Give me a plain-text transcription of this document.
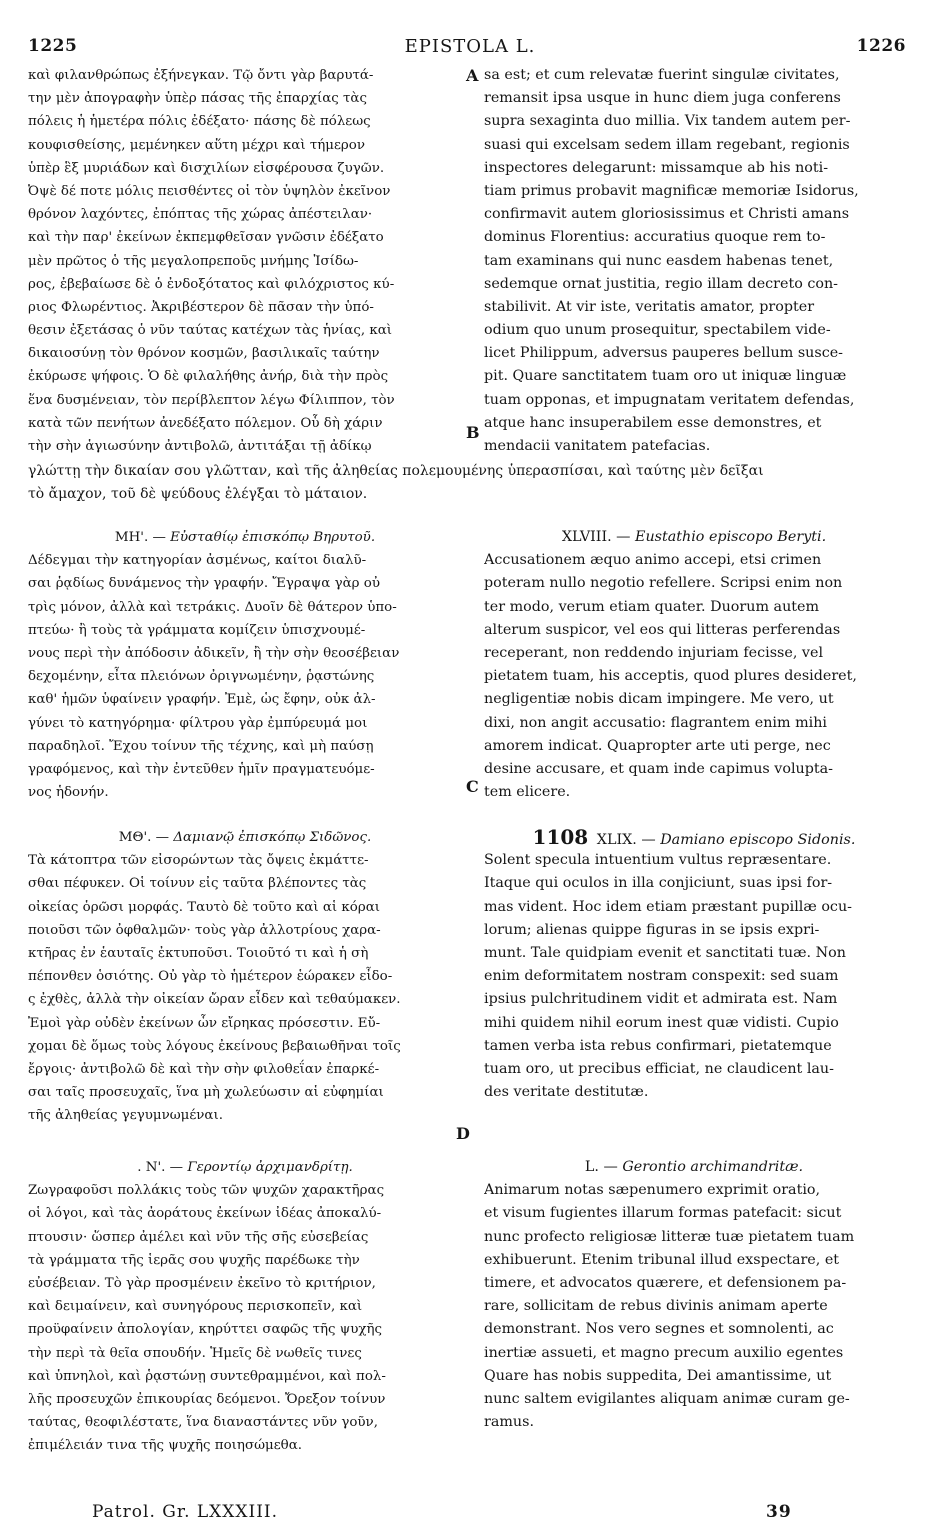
1225	EPISTOLA L.	1226
καὶ φιλανθρώπως ἐξήνεγκαν. Τῷ ὄντι γὰρ βαρυτά-
την μὲν ἀπογραφὴν ὑπὲρ πάσας τῆς ἐπαρχίας τὰς
πόλεις ἡ ἡμετέρα πόλις ἐδέξατο· πάσης δὲ πόλεως
κουφισθείσης, μεμένηκεν αὕτη μέχρι καὶ τήμερον
ὑπὲρ ἓξ μυριάδων καὶ δισχιλίων εἰσφέρουσα ζυγῶν.
Ὀψὲ δέ ποτε μόλις πεισθέντες οἱ τὸν ὑψηλὸν ἐκεῖνον
θρόνον λαχόντες, ἐπόπτας τῆς χώρας ἀπέστειλαν·
καὶ τὴν παρ' ἐκείνων ἐκπεμφθεῖσαν γνῶσιν ἐδέξατο
μὲν πρῶτος ὁ τῆς μεγαλοπρεποῦς μνήμης Ἰσίδω-
ρος, ἐβεβαίωσε δὲ ὁ ἐνδοξότατος καὶ φιλόχριστος κύ-
ριος Φλωρέντιος. Ἀκριβέστερον δὲ πᾶσαν τὴν ὑπό-
θεσιν ἐξετάσας ὁ νῦν ταύτας κατέχων τὰς ἡνίας, καὶ
δικαιοσύνῃ τὸν θρόνον κοσμῶν, βασιλικαῖς ταύτην
ἐκύρωσε ψήφοις. Ὁ δὲ φιλαλήθης ἀνήρ, διὰ τὴν πρὸς
ἕνα δυσμένειαν, τὸν περίβλεπτον λέγω Φίλιππον, τὸν
κατὰ τῶν πενήτων ἀνεδέξατο πόλεμον. Οὗ δὴ χάριν
τὴν σὴν ἁγιωσύνην ἀντιβολῶ, ἀντιτάξαι τῇ ἀδίκῳ
sa est; et cum relevatæ fuerint singulæ civitates,
remansit ipsa usque in hunc diem juga conferens
supra sexaginta duo millia. Vix tandem autem per-
suasi qui excelsam sedem illam regebant, regionis
inspectores delegarunt: missamque ab his noti-
tiam primus probavit magnificæ memoriæ Isidorus,
confirmavit autem gloriosissimus et Christi amans
dominus Florentius: accuratius quoque rem to-
tam examinans qui nunc easdem habenas tenet,
sedemque ornat justitia, regio illam decreto con-
stabilivit. At vir iste, veritatis amator, propter
odium quo unum prosequitur, spectabilem vide-
licet Philippum, adversus pauperes bellum susce-
pit. Quare sanctitatem tuam oro ut iniquæ linguæ
tuam opponas, et impugnatam veritatem defendas,
atque hanc insuperabilem esse demonstres, et
mendacii vanitatem patefacias.
A
B
γλώττῃ τὴν δικαίαν σου γλῶτταν, καὶ τῆς ἀληθείας πολεμουμένης ὑπερασπίσαι, καὶ ταύτης μὲν δεῖξαι
τὸ ἄμαχον, τοῦ δὲ ψεύδους ἐλέγξαι τὸ μάταιον.
ΜΗ'. — Εὐσταθίῳ ἐπισκόπῳ Βηρυτοῦ.
Δέδεγμαι τὴν κατηγορίαν ἀσμένως, καίτοι διαλῦ-
σαι ῥᾳδίως δυνάμενος τὴν γραφήν. Ἔγραψα γὰρ οὐ
τρὶς μόνον, ἀλλὰ καὶ τετράκις. Δυοῖν δὲ θάτερον ὑπο-
πτεύω· ἢ τοὺς τὰ γράμματα κομίζειν ὑπισχνουμέ-
νους περὶ τὴν ἀπόδοσιν ἀδικεῖν, ἢ τὴν σὴν θεοσέβειαν
δεχομένην, εἶτα πλειόνων ὀριγνωμένην, ῥᾳστώνης
καθ' ἡμῶν ὑφαίνειν γραφήν. Ἐμὲ, ὡς ἔφην, οὐκ ἀλ-
γύνει τὸ κατηγόρημα· φίλτρου γὰρ ἐμπύρευμά μοι
παραδηλοῖ. Ἔχου τοίνυν τῆς τέχνης, καὶ μὴ παύσῃ
γραφόμενος, καὶ τὴν ἐντεῦθεν ἡμῖν πραγματευόμε-
νος ἡδονήν.
XLVIII. — Eustathio episcopo Beryti.
Accusationem æquo animo accepi, etsi crimen
poteram nullo negotio refellere. Scripsi enim non
ter modo, verum etiam quater. Duorum autem
alterum suspicor, vel eos qui litteras perferendas
receperant, non reddendo injuriam fecisse, vel
pietatem tuam, his acceptis, quod plures desideret,
negligentiæ nobis dicam impingere. Me vero, ut
dixi, non angit accusatio: flagrantem enim mihi
amorem indicat. Quapropter arte uti perge, nec
desine accusare, et quam inde capimus volupta-
tem elicere.
C
ΜΘ'. — Δαμιανῷ ἐπισκόπῳ Σιδῶνος.
Τὰ κάτοπτρα τῶν εἰσορώντων τὰς ὄψεις ἐκμάττε-
σθαι πέφυκεν. Οἱ τοίνυν εἰς ταῦτα βλέποντες τὰς
οἰκείας ὁρῶσι μορφάς. Ταυτὸ δὲ τοῦτο καὶ αἱ κόραι
ποιοῦσι τῶν ὀφθαλμῶν· τοὺς γὰρ ἀλλοτρίους χαρα-
κτῆρας ἐν ἑαυταῖς ἐκτυποῦσι. Τοιοῦτό τι καὶ ἡ σὴ
πέπονθεν ὁσιότης. Οὐ γὰρ τὸ ἡμέτερον ἑώρακεν εἶδο-
ς ἐχθὲς, ἀλλὰ τὴν οἰκείαν ὤραν εἶδεν καὶ τεθαύμακεν.
Ἐμοὶ γὰρ οὐδὲν ἐκείνων ὧν εἴρηκας πρόσεστιν. Εὔ-
χομαι δὲ ὅμως τοὺς λόγους ἐκείνους βεβαιωθῆναι τοῖς
ἔργοις· ἀντιβολῶ δὲ καὶ τὴν σὴν φιλοθεΐαν ἐπαρκέ-
σαι ταῖς προσευχαῖς, ἵνα μὴ χωλεύωσιν αἱ εὐφημίαι
τῆς ἀληθείας γεγυμνωμέναι.
1108 XLIX. — Damiano episcopo Sidonis.
Solent specula intuentium vultus repræsentare.
Itaque qui oculos in illa conjiciunt, suas ipsi for-
mas vident. Hoc idem etiam præstant pupillæ ocu-
lorum; alienas quippe figuras in se ipsis expri-
munt. Tale quidpiam evenit et sanctitati tuæ. Non
enim deformitatem nostram conspexit: sed suam
ipsius pulchritudinem vidit et admirata est. Nam
mihi quidem nihil eorum inest quæ vidisti. Cupio
tamen verba ista rebus confirmari, pietatemque
tuam oro, ut precibus efficiat, ne claudicent lau-
des veritate destitutæ.
D
. Ν'. — Γεροντίῳ ἀρχιμανδρίτῃ.
Ζωγραφοῦσι πολλάκις τοὺς τῶν ψυχῶν χαρακτῆρας
οἱ λόγοι, καὶ τὰς ἀοράτους ἐκείνων ἰδέας ἀποκαλύ-
πτουσιν· ὥσπερ ἀμέλει καὶ νῦν τῆς σῆς εὐσεβείας
τὰ γράμματα τῆς ἱερᾶς σου ψυχῆς παρέδωκε τὴν
εὐσέβειαν. Τὸ γὰρ προσμένειν ἐκεῖνο τὸ κριτήριον,
καὶ δειμαίνειν, καὶ συνηγόρους περισκοπεῖν, καὶ
προϋφαίνειν ἀπολογίαν, κηρύττει σαφῶς τῆς ψυχῆς
τὴν περὶ τὰ θεῖα σπουδήν. Ἡμεῖς δὲ νωθεῖς τινες
καὶ ὑπνηλοὶ, καὶ ῥᾳστώνῃ συντεθραμμένοι, καὶ πολ-
λῆς προσευχῶν ἐπικουρίας δεόμενοι. Ὄρεξον τοίνυν
ταύτας, θεοφιλέστατε, ἵνα διαναστάντες νῦν γοῦν,
ἐπιμέλειάν τινα τῆς ψυχῆς ποιησώμεθα.
L. — Gerontio archimandritæ.
Animarum notas sæpenumero exprimit oratio,
et visum fugientes illarum formas patefacit: sicut
nunc profecto religiosæ litteræ tuæ pietatem tuam
exhibuerunt. Etenim tribunal illud exspectare, et
timere, et advocatos quærere, et defensionem pa-
rare, sollicitam de rebus divinis animam aperte
demonstrant. Nos vero segnes et somnolenti, ac
inertiæ assueti, et magno precum auxilio egentes
Quare has nobis suppedita, Dei amantissime, ut
nunc saltem evigilantes aliquam animæ curam ge-
ramus.
Patrol. Gr. LXXXIII.	39
